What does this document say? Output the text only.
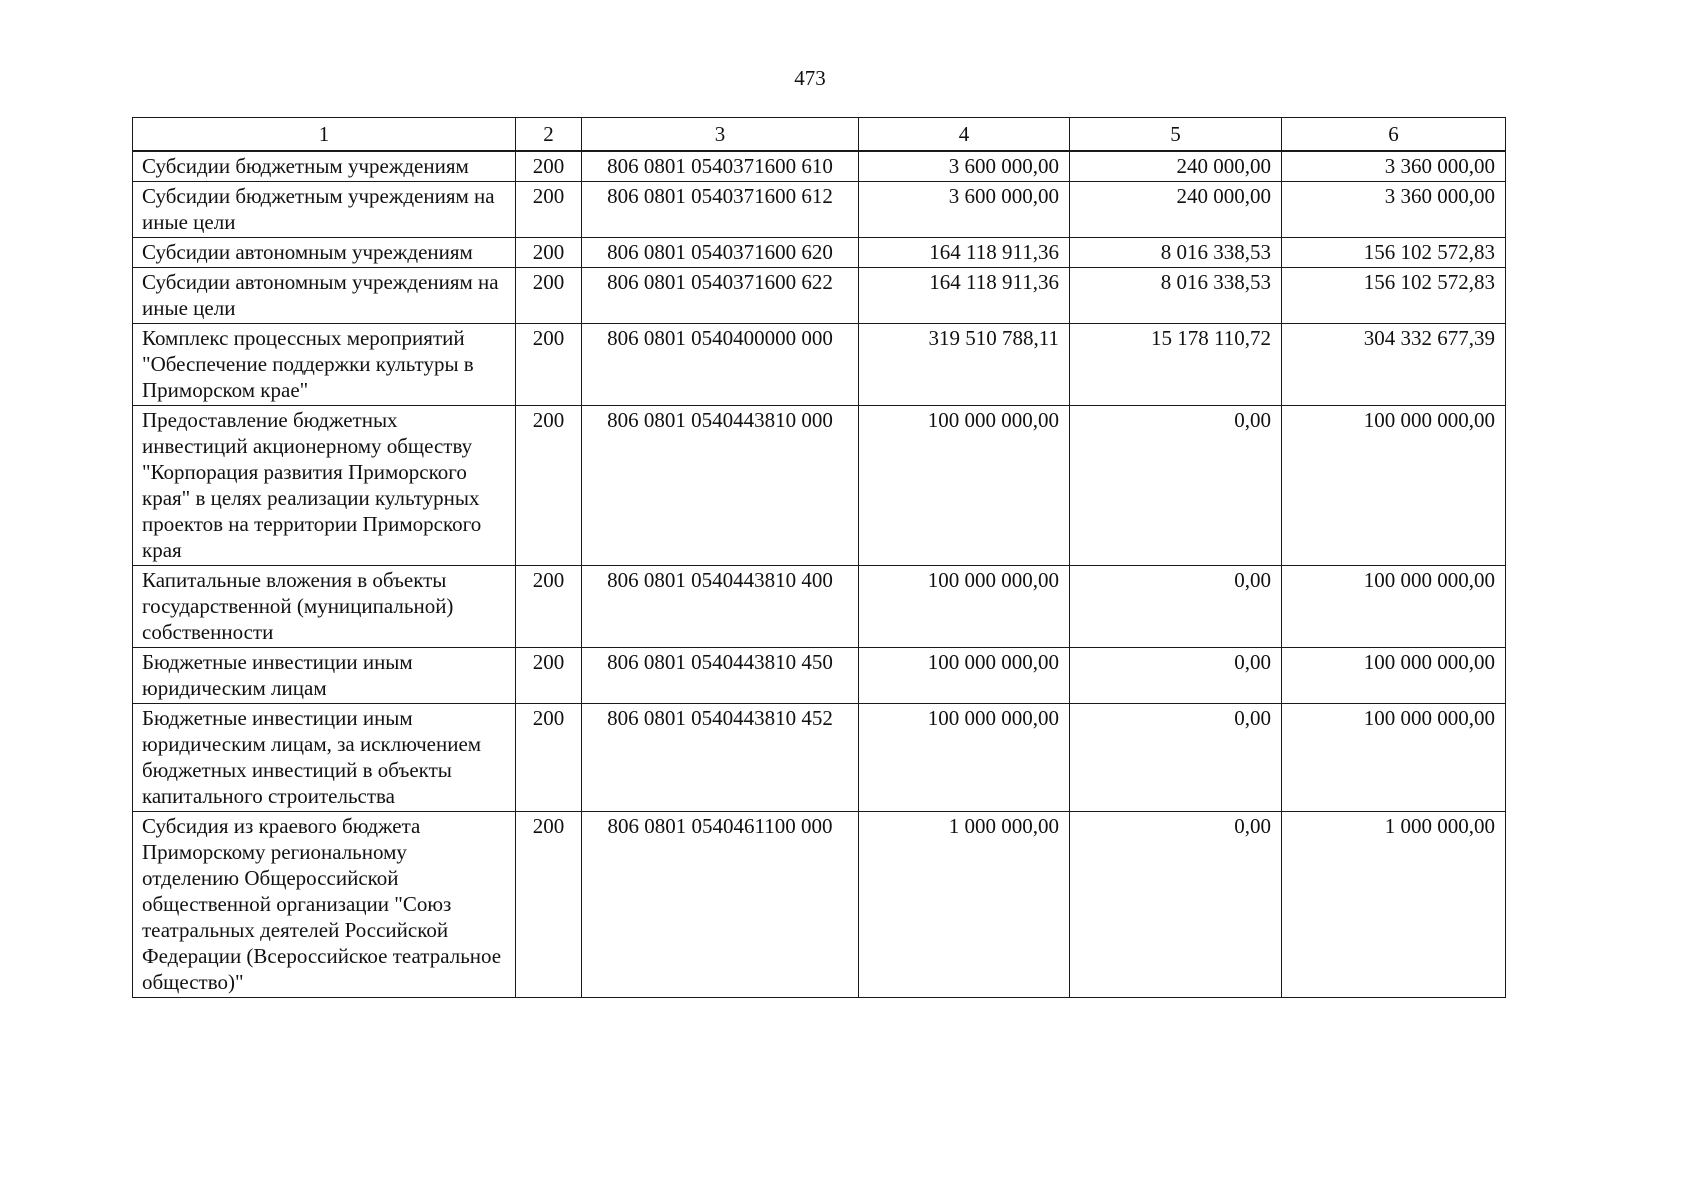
473
1	2	3	4	5	6
Субсидии бюджетным учреждениям	200	806 0801 0540371600 610	3 600 000,00	240 000,00	3 360 000,00
Субсидии бюджетным учреждениям на иные цели	200	806 0801 0540371600 612	3 600 000,00	240 000,00	3 360 000,00
Субсидии автономным учреждениям	200	806 0801 0540371600 620	164 118 911,36	8 016 338,53	156 102 572,83
Субсидии автономным учреждениям на иные цели	200	806 0801 0540371600 622	164 118 911,36	8 016 338,53	156 102 572,83
Комплекс процессных мероприятий "Обеспечение поддержки культуры в Приморском крае"	200	806 0801 0540400000 000	319 510 788,11	15 178 110,72	304 332 677,39
Предоставление бюджетных инвестиций акционерному обществу "Корпорация развития Приморского края" в целях реализации культурных проектов на территории Приморского края	200	806 0801 0540443810 000	100 000 000,00	0,00	100 000 000,00
Капитальные вложения в объекты государственной (муниципальной) собственности	200	806 0801 0540443810 400	100 000 000,00	0,00	100 000 000,00
Бюджетные инвестиции иным юридическим лицам	200	806 0801 0540443810 450	100 000 000,00	0,00	100 000 000,00
Бюджетные инвестиции иным юридическим лицам, за исключением бюджетных инвестиций в объекты капитального строительства	200	806 0801 0540443810 452	100 000 000,00	0,00	100 000 000,00
Субсидия из краевого бюджета Приморскому региональному отделению Общероссийской общественной организации "Союз театральных деятелей Российской Федерации (Всероссийское театральное общество)"	200	806 0801 0540461100 000	1 000 000,00	0,00	1 000 000,00
